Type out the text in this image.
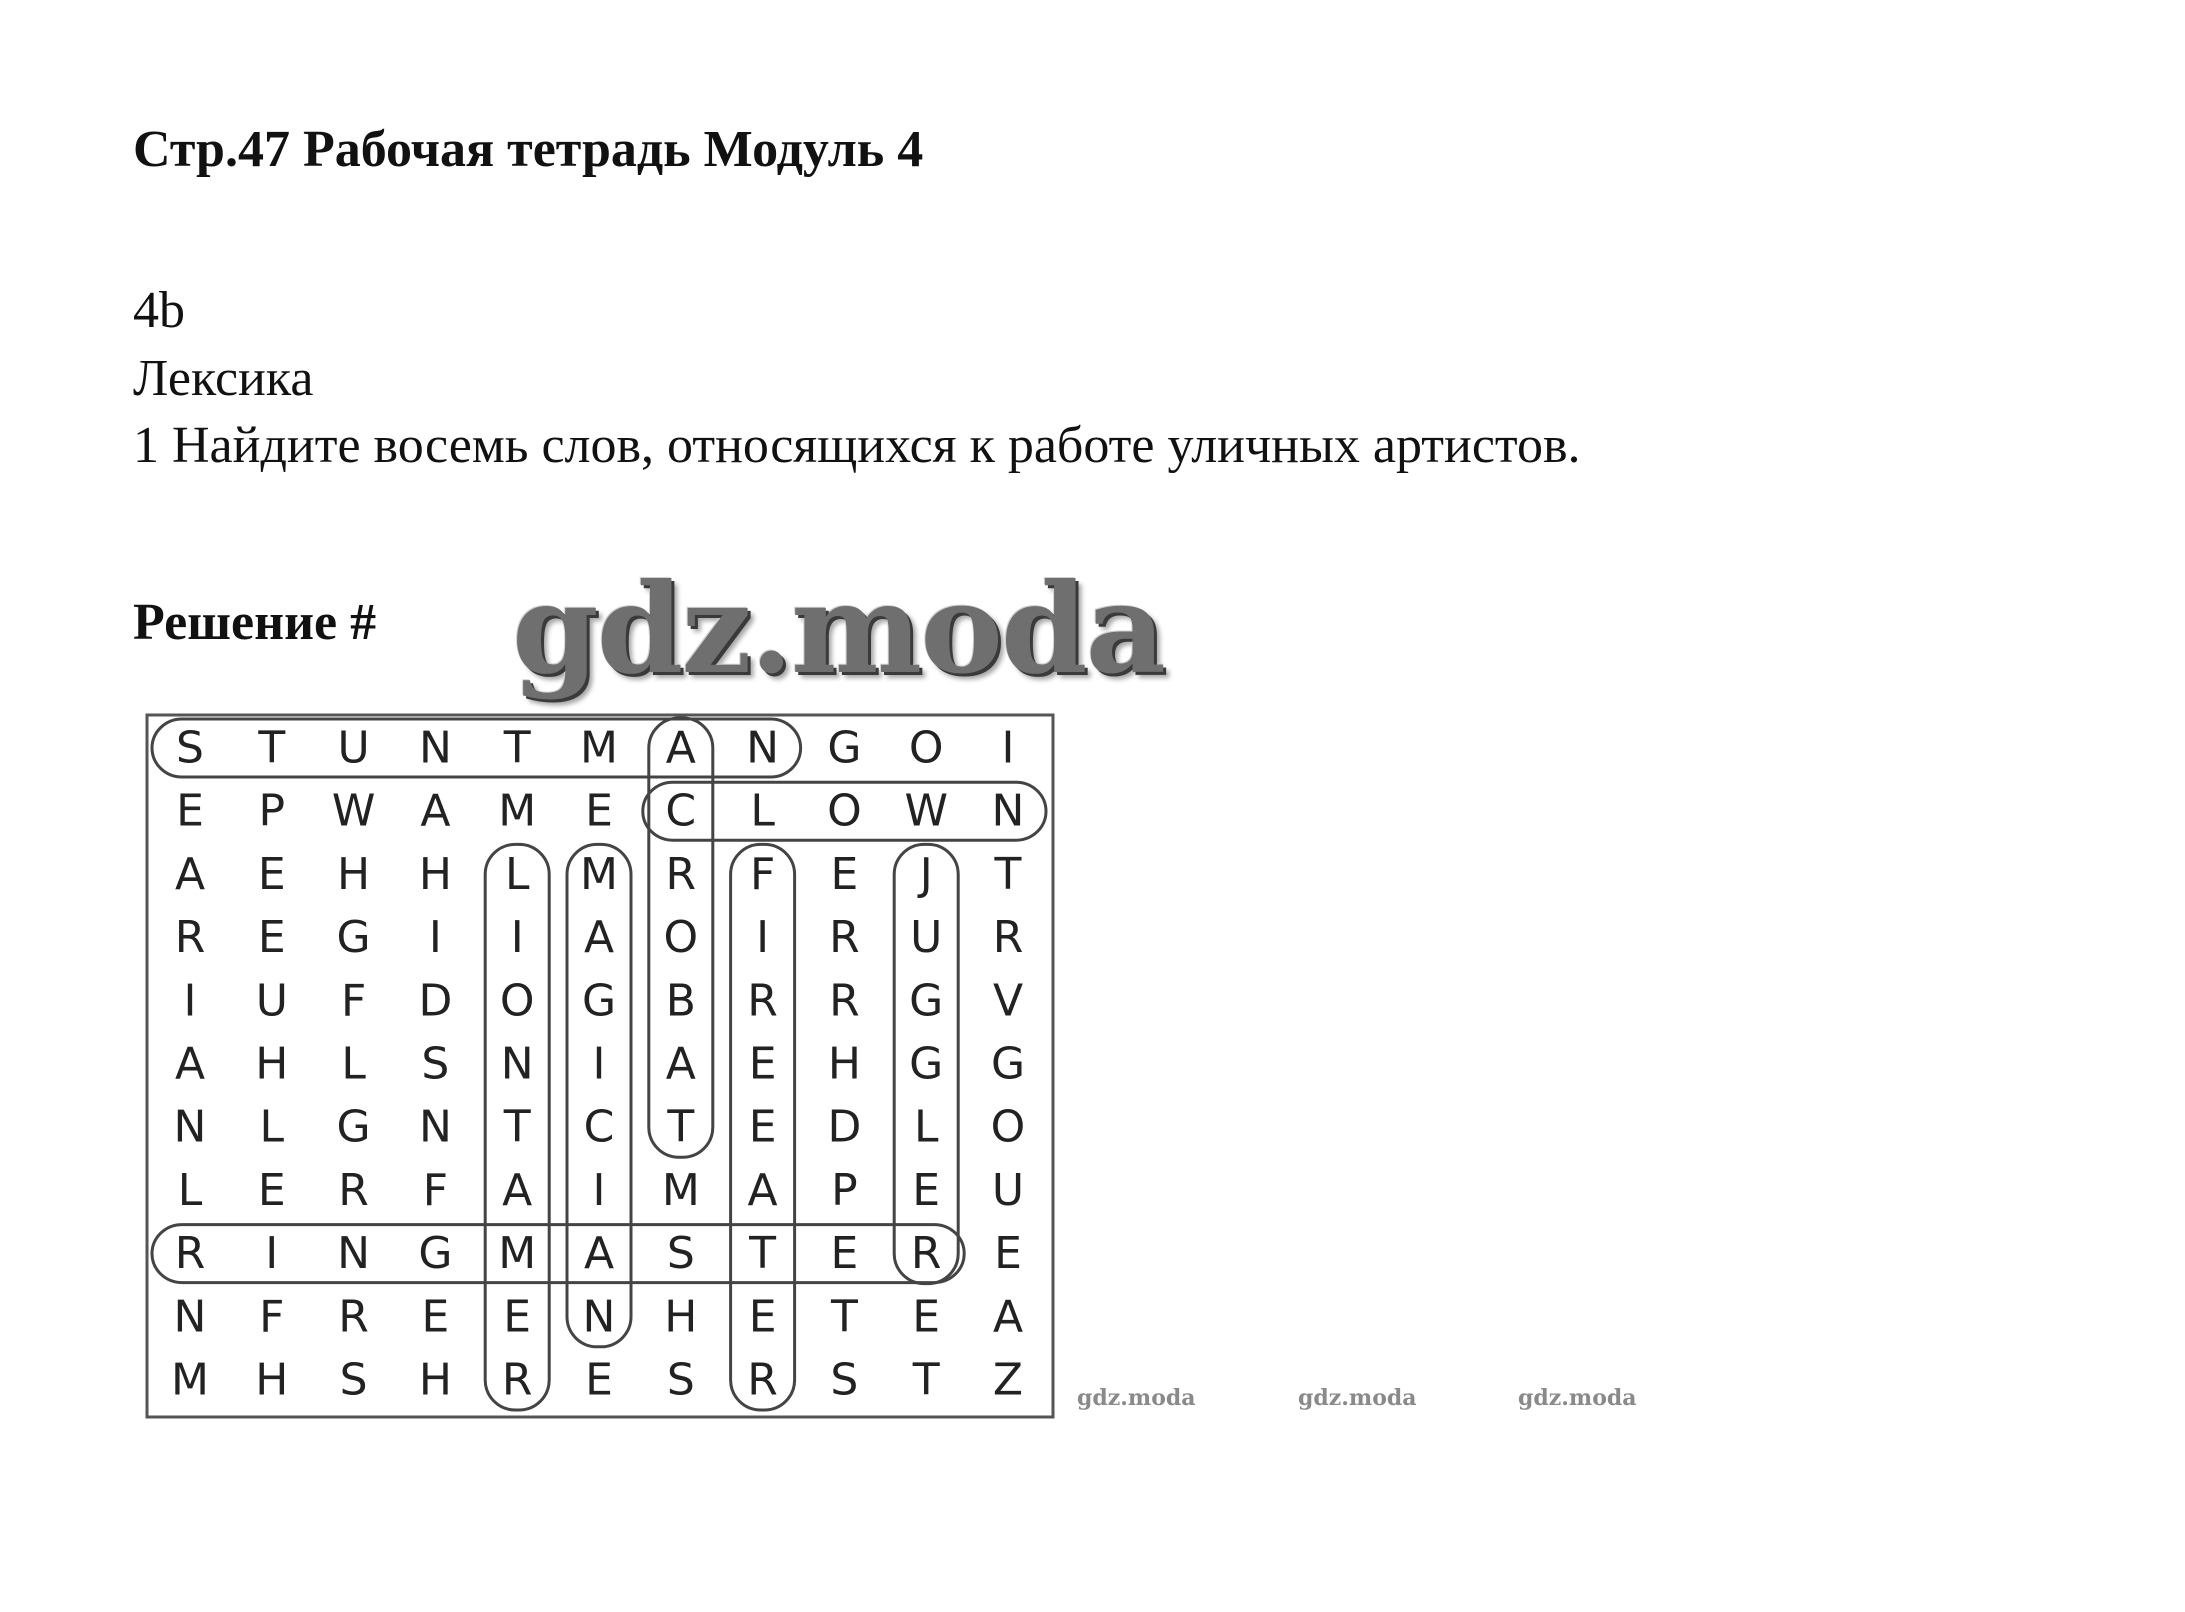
Стр.47 Рабочая тетрадь Модуль 4
4b
Лексика
1 Найдите восемь слов, относящихся к работе уличных артистов.
Решение # gdz.moda
gdz.moda	gdz.moda	gdz.moda
S T U N T M A N G O I
E P W A M E C L O W N
A E H H L M R F E J T
R E G I I A O I R U R
I U F D O G B R R G V
A H L S N I A E H G G
N L G N T C T E D L O
L E R F A I M A P E U
R I N G M A S T E R E
N F R E E N H E T E A
M H S H R E S R S T Z
